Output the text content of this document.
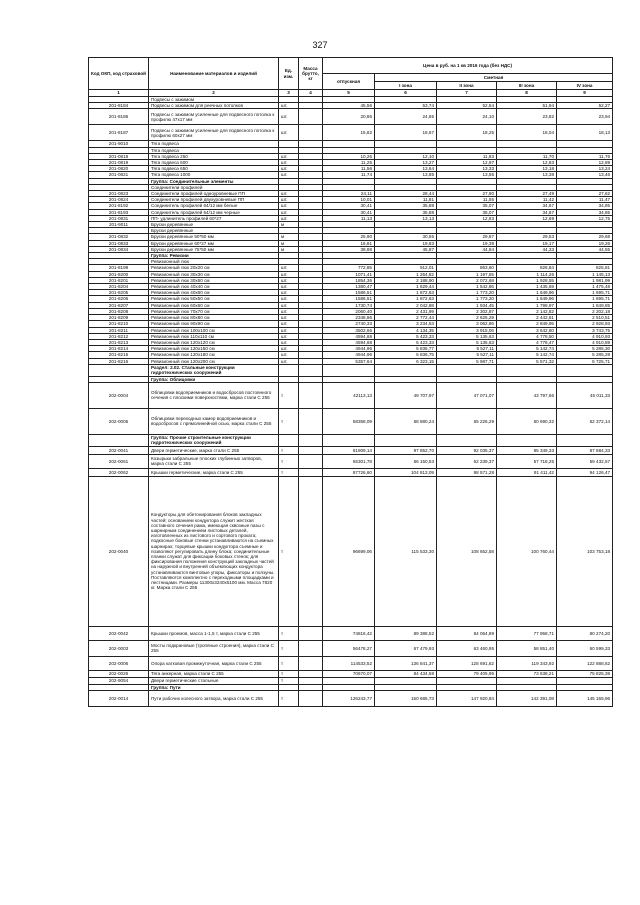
327
Код ОКП, код страховой	Наименование материалов и изделий	Ед. изм.	Масса брутто, кг	Цена в руб. на 1 кв 2016 года (без НДС)				
				отпускная	Сметная			
					I зона	II зона	III зона	IV зона
1	2	3	4	5	6	7	8	9
	Подвесы с зажимом							
201-8184	Подвесы с зажимом для реечных потолков	шт.		45,56	53,74	52,54	51,94	52,27
201-8186	Подвесы с зажимом усиленные для подвесного потолка к профилю 47х17 мм	шт.		20,86	24,65	24,10	23,82	23,94
201-8187	Подвесы с зажимом усиленные для подвесного потолка к профилю 60х27 мм	шт.		15,82	18,67	18,25	18,04	18,13
201-9010	Тяга подвеса							
	Тяга подвеса							
201-0818	Тяга подвеса 250	шт.		10,26	12,10	11,83	11,70	11,76
201-0819	Тяга подвеса 500	шт.		11,25	13,27	12,97	12,83	12,89
201-0820	Тяга подвеса 650	шт.		11,56	13,64	13,33	13,18	13,24
201-0821	Тяга подвеса 1000	шт.		11,74	13,85	13,55	13,38	13,46
	Группа: Соединительные элементы							
	Соединители профилей							
201-0823	Соединители профилей одноуровневые ПП	шт.		24,11	28,44	27,80	27,49	27,62
201-0824	Соединители профилей двухуровневые ПП	шт.		10,01	11,81	11,55	11,42	11,47
201-8192	Соединитель профилей 64/12 мм белые	шт.		30,41	35,88	35,07	34,67	34,85
201-8193	Соединитель профилей 64/12 мм черные	шт.		30,41	35,88	35,07	34,67	34,85
201-0831	ПП- удлинитель профилей 60*27	шт.		11,13	13,13	12,83	12,69	12,75
201-9011	Бруски деревянные	м						
	Бруски деревянные							
201-0832	Бруски деревянные 50*50 мм	м		25,90	30,55	29,87	29,53	29,68
201-0833	Бруски деревянные 60*27 мм	м		16,81	19,83	19,39	19,17	19,26
201-0834	Бруски деревянные 75*50 мм	м		38,88	45,87	44,84	44,33	44,55
	Группа: Ревизии							
	Ревизионный люк							
201-8199	Ревизионный люк 20х20 см	шт.		772,85	912,01	863,60	826,84	825,81
201-8200	Ревизионный люк 30х30 см	шт.		1071,41	1 264,82	1 197,55	1 114,26	1 145,13
201-8201	Ревизионный люк 30х60 см	шт.		1854,36	2 188,90	2 072,68	1 928,55	1 981,99
201-8204	Ревизионный люк 40х40 см	шт.		1380,47	1 629,44	1 542,86	1 435,69	1 475,48
201-8205	Ревизионный люк 40х60 см	шт.		1586,51	1 872,63	1 773,20	1 649,96	1 695,71
201-8206	Ревизионный люк 50х50 см	шт.		1586,51	1 872,63	1 773,20	1 649,96	1 695,71
201-8207	Ревизионный люк 60х60 см	шт.		1730,74	2 042,88	1 934,45	1 799,97	1 849,85
201-8208	Ревизионный люк 70х70 см	шт.		2060,40	2 431,99	2 302,87	2 142,82	2 202,18
201-8209	Ревизионный люк 80х80 см	шт.		2348,86	2 772,44	2 625,29	2 442,81	2 510,51
201-8210	Ревизионный люк 90х90 см	шт.		2740,33	3 234,53	3 062,86	2 849,95	2 928,93
201-8211	Ревизионный люк 100х100 см	шт.		3502,66	4 134,35	3 915,06	3 642,80	3 743,75
201-8212	Ревизионный люк 110х110 см	шт.		4594,68	5 423,33	5 135,63	4 778,50	4 910,93
201-8213	Ревизионный люк 120х120 см	шт.		4594,68	5 423,33	5 135,63	4 778,47	4 910,89
201-8214	Ревизионный люк 120х150 см	шт.		4944,96	5 836,77	5 527,11	5 142,74	5 285,30
201-8215	Ревизионный люк 120х180 см	шт.		4944,96	5 836,75	5 527,11	5 142,74	5 285,28
201-8216	Ревизионный люк 120х200 см	шт.		5357,64	6 323,15	5 987,71	5 571,32	5 725,71
	Раздел: 2.02. Стальные конструкции гидротехнических сооружений							
	Группа: Облицовки							
202-0004	Облицовки водоприемников и водосбросов постоянного сечения с плоскими поверхностями, марка стали С 255	т		42113,13	49 707,97	47 071,07	43 797,66	45 011,33
202-0005	Облицовки переходных камер водоприемников и водосбросов с прямолинейной осью, марка стали С 255	т		58358,09	68 880,24	65 226,29	60 690,32	62 372,14
	Группа: Прочие строительные конструкции гидротехнических сооружений							
202-0041	Двери герметические, марка стали С 255	т		81909,14	97 852,70	92 035,37	85 349,33	87 884,33
202-0061	Козырьки забральные плоских глубинных затворов, марка стали С 255	т		55301,78	66 150,53	62 239,37	57 718,25	59 432,57
202-0062	Крышки герметические, марка стали С 255	т		87726,60	104 813,09	98 571,28	91 411,42	94 126,47
202-0040	Кондукторы для обетонирования блоков закладных частей; основанием кондуктора служит жесткая составного сечения рама, имеющая сквозные пазы с шарнирным соединением листовых деталей, изготовленных из листового и сортового проката; подкосные боковые стенки устанавливаются на съемных шарнирах; торцевые крышки кондуктора съемные и позволяют регулировать длину блока; соединительные планки служат для фиксации боковых стенок; для фиксирования положения конструкций закладных частей на наружной и внутренней объемлющих кондуктора устанавливаются винтовые упоры, фиксаторы и ползуны. Поставляются комплектно с переходными площадками и лестницами. Размеры 11300х3240х5100 мм. Масса 7820 кг. Марка стали С 255	т		96699,06	115 533,30	108 652,58	100 760,44	103 753,18
202-0042	Крышки проемов, масса 1-1,5 т, марка стали С 255	т		74816,42	89 388,52	84 064,89	77 958,71	80 274,20
202-0003	Мосты подкрановые (тропяные строения), марка стали С 255	т		56478,27	67 479,93	63 460,95	58 851,40	60 599,33
202-0006	Опора катковая промежуточная, марка стали С 255	т		114533,52	136 841,37	128 691,62	119 343,92	122 888,62
202-0026	Тяга анкерная, марка стали С 255	т		70670,07	84 434,58	79 405,95	73 638,21	75 825,38
202-9054	Двери герметические стальные	т						
	Группа: Пути							
202-0014	Пути рабочих колесного затвора, марка стали С 255	т		126243,77	150 685,73	147 920,84	142 391,08	145 155,96
